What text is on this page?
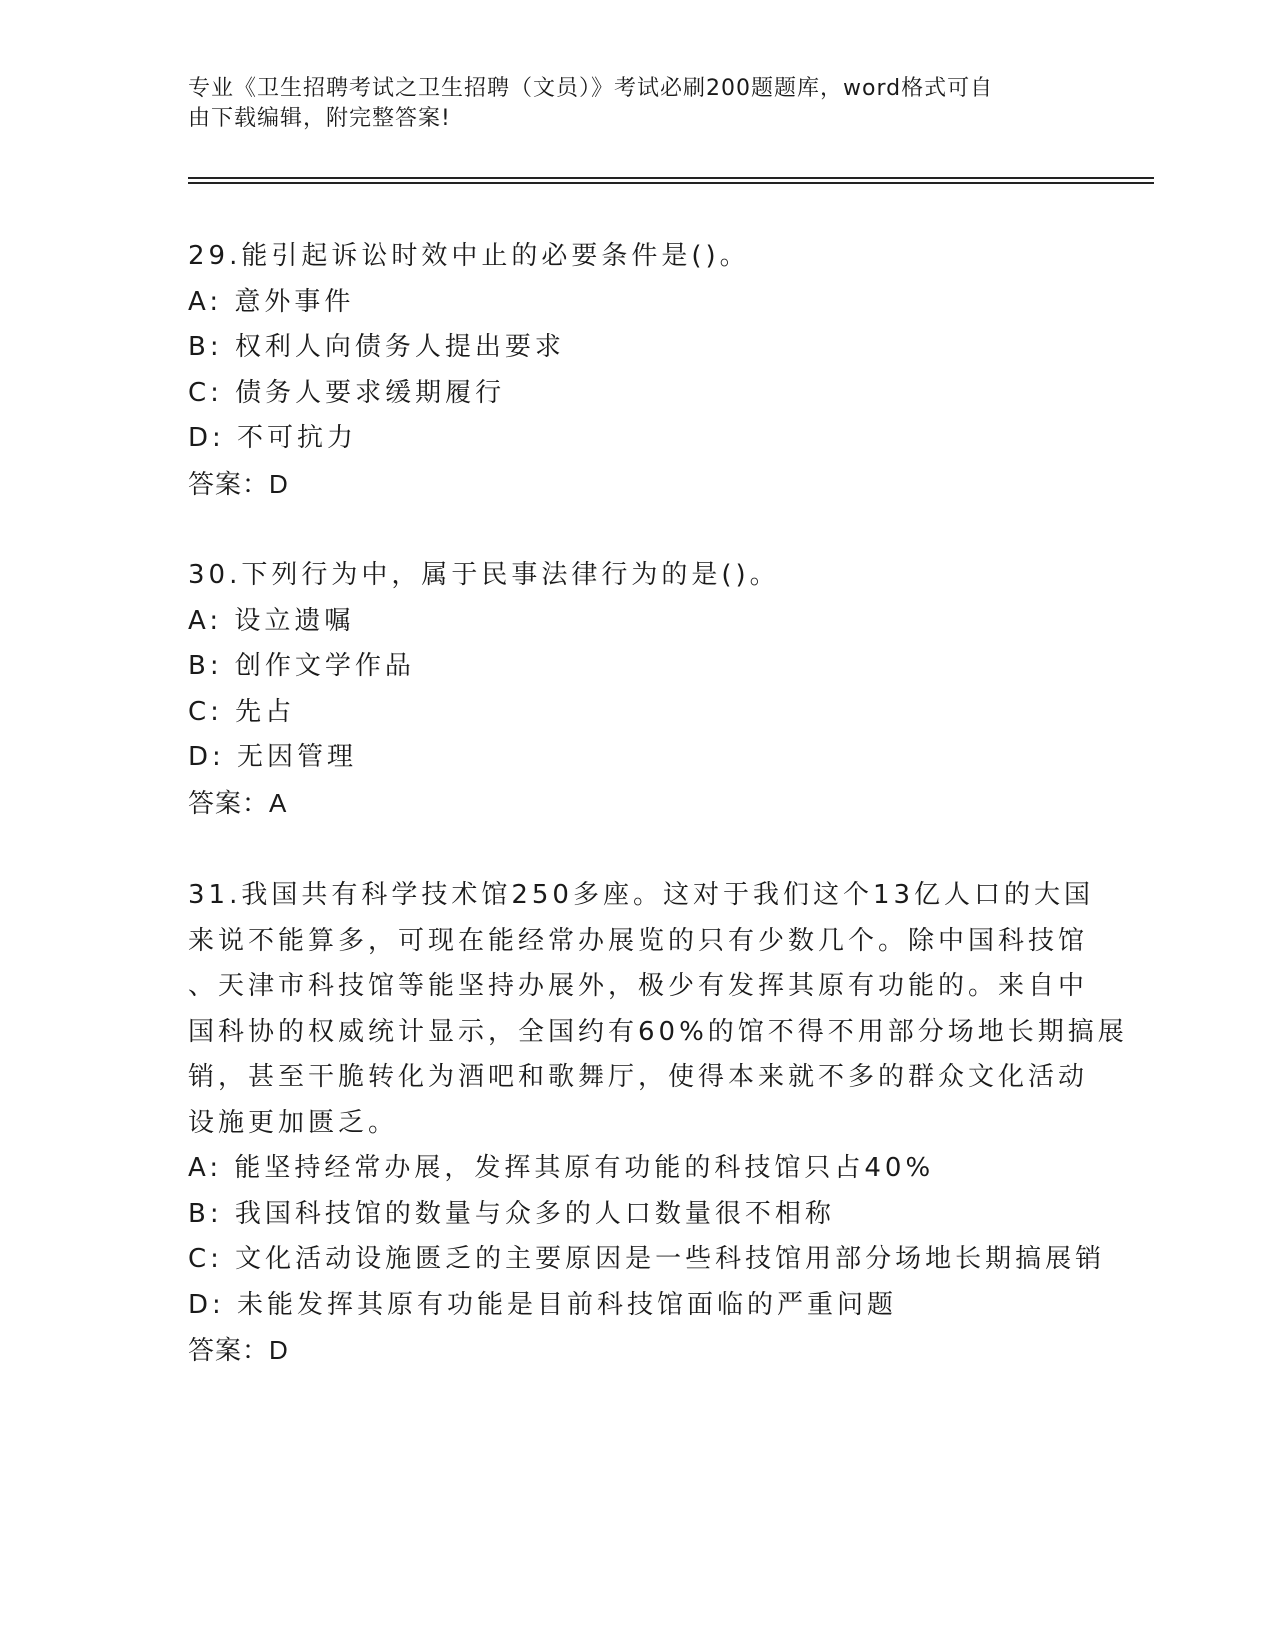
专业《卫生招聘考试之卫生招聘（文员）》考试必刷200题题库，word格式可自
由下载编辑，附完整答案!
29.能引起诉讼时效中止的必要条件是()。
A: 意外事件
B: 权利人向债务人提出要求
C: 债务人要求缓期履行
D: 不可抗力
答案：D
30.下列行为中，属于民事法律行为的是()。
A: 设立遗嘱
B: 创作文学作品
C: 先占
D: 无因管理
答案：A
31.我国共有科学技术馆250多座。这对于我们这个13亿人口的大国
来说不能算多，可现在能经常办展览的只有少数几个。除中国科技馆
、天津市科技馆等能坚持办展外，极少有发挥其原有功能的。来自中
国科协的权威统计显示，全国约有60%的馆不得不用部分场地长期搞展
销，甚至干脆转化为酒吧和歌舞厅，使得本来就不多的群众文化活动
设施更加匮乏。
A: 能坚持经常办展，发挥其原有功能的科技馆只占40%
B: 我国科技馆的数量与众多的人口数量很不相称
C: 文化活动设施匮乏的主要原因是一些科技馆用部分场地长期搞展销
D: 未能发挥其原有功能是目前科技馆面临的严重问题
答案：D
